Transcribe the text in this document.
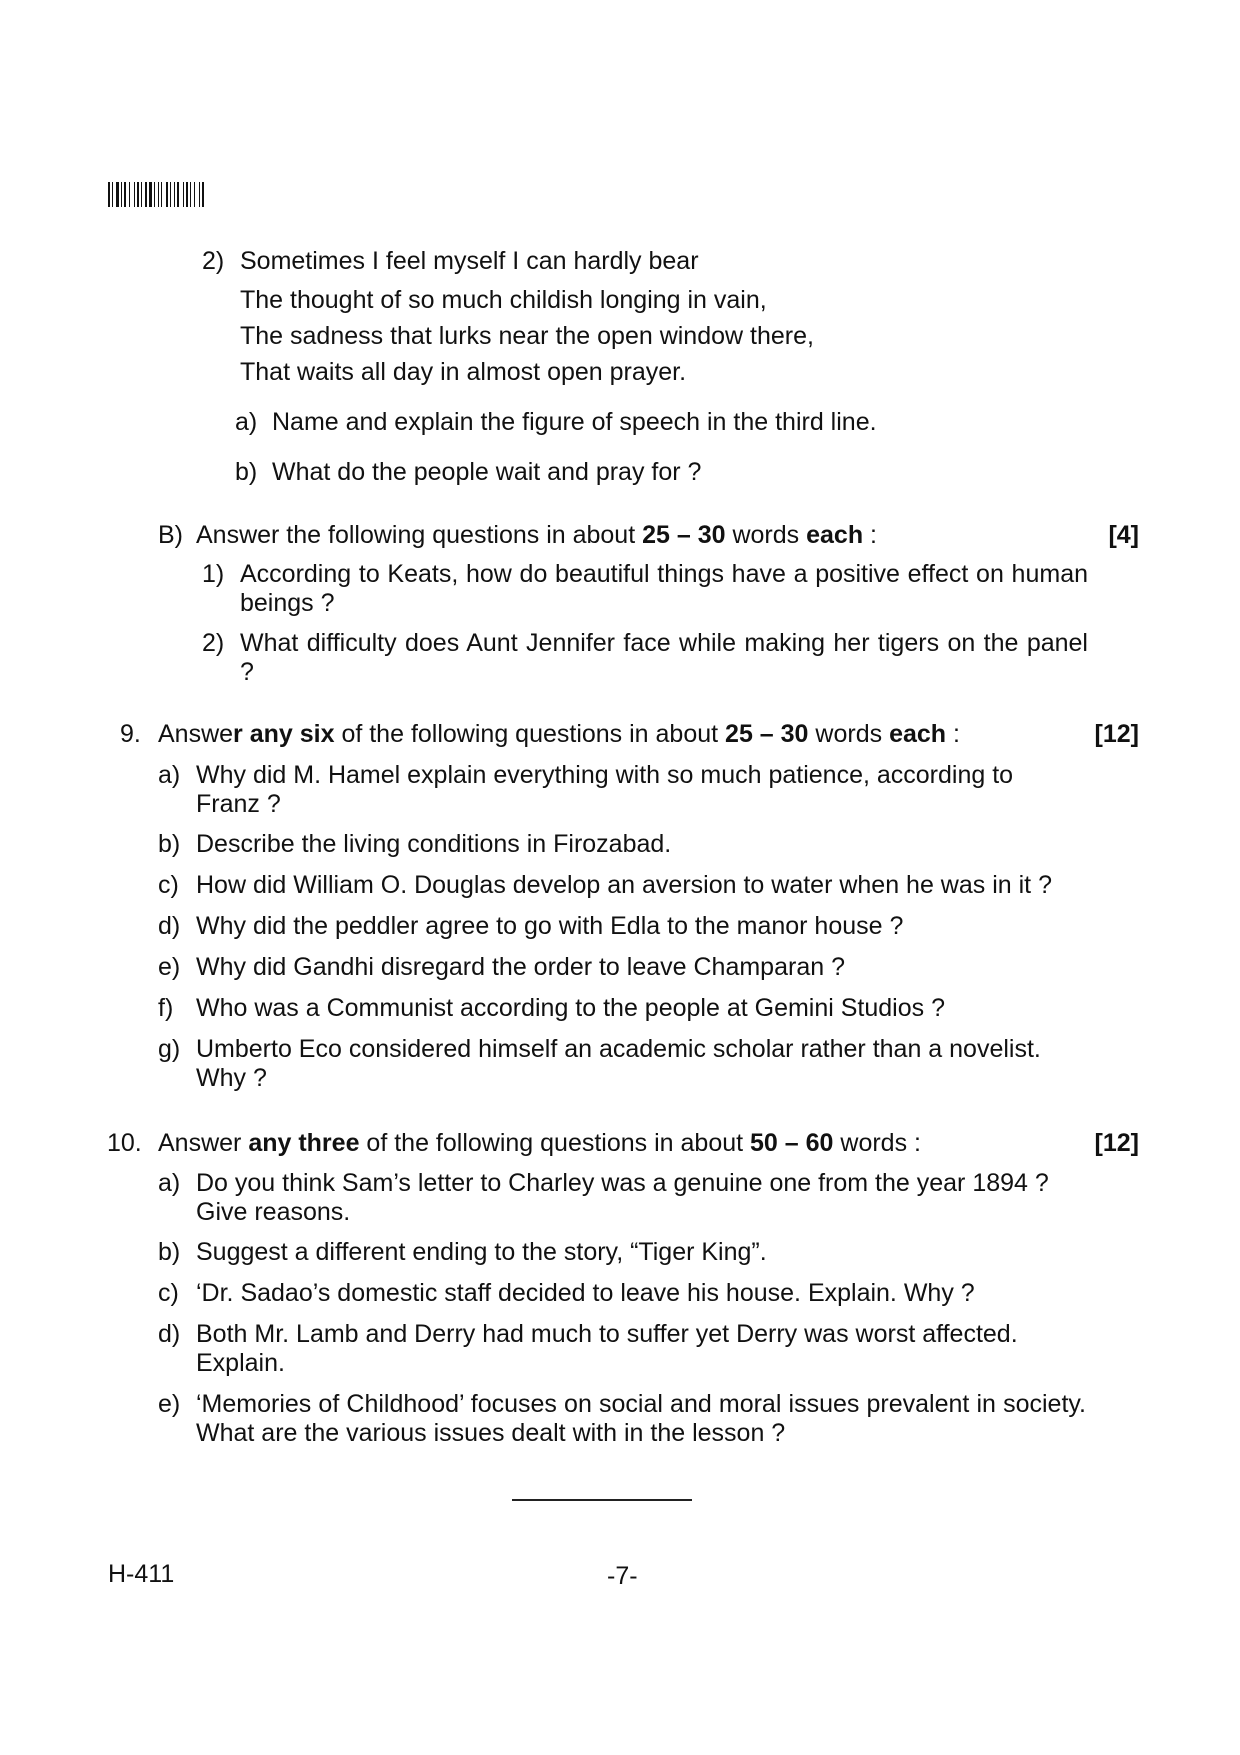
2) Sometimes I feel myself I can hardly bear
The thought of so much childish longing in vain,
The sadness that lurks near the open window there,
That waits all day in almost open prayer.
a) Name and explain the figure of speech in the third line.
b) What do the people wait and pray for ?
B) Answer the following questions in about 25 – 30 words each :	[4]
1) According to Keats, how do beautiful things have a positive effect on human beings ?
2) What difficulty does Aunt Jennifer face while making her tigers on the panel ?
9. Answer any six of the following questions in about 25 – 30 words each :	[12]
a) Why did M. Hamel explain everything with so much patience, according to Franz ?
b) Describe the living conditions in Firozabad.
c) How did William O. Douglas develop an aversion to water when he was in it ?
d) Why did the peddler agree to go with Edla to the manor house ?
e) Why did Gandhi disregard the order to leave Champaran ?
f) Who was a Communist according to the people at Gemini Studios ?
g) Umberto Eco considered himself an academic scholar rather than a novelist. Why ?
10. Answer any three of the following questions in about 50 – 60 words :	[12]
a) Do you think Sam’s letter to Charley was a genuine one from the year 1894 ? Give reasons.
b) Suggest a different ending to the story, “Tiger King”.
c) ‘Dr. Sadao’s domestic staff decided to leave his house. Explain. Why ?
d) Both Mr. Lamb and Derry had much to suffer yet Derry was worst affected. Explain.
e) ‘Memories of Childhood’ focuses on social and moral issues prevalent in society. What are the various issues dealt with in the lesson ?
H-411	-7-
